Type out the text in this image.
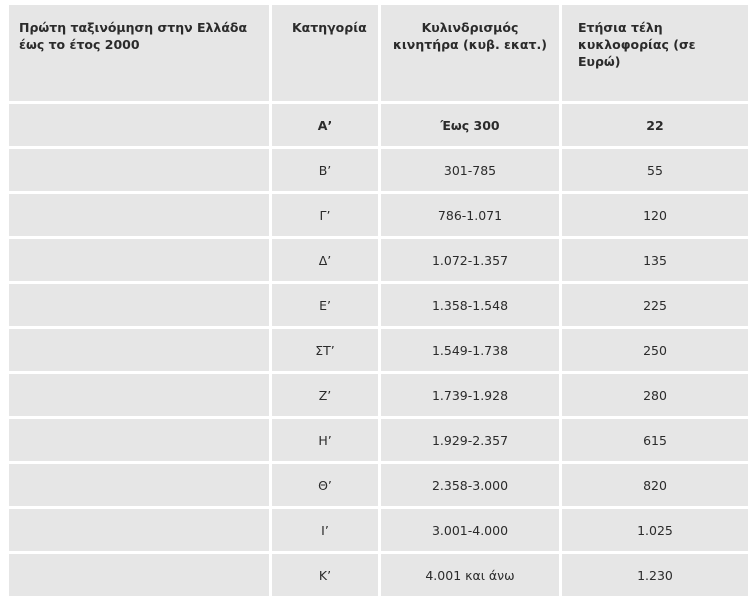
Πρώτη ταξινόμηση στην Ελλάδα έως το έτος 2000	Κατηγορία	Κυλινδρισμός κινητήρα (κυβ. εκατ.)	Ετήσια τέλη κυκλοφορίας (σε Ευρώ)
	Α’	Έως 300	22
	Β’	301-785	55
	Γ’	786-1.071	120
	Δ’	1.072-1.357	135
	Ε’	1.358-1.548	225
	ΣΤ’	1.549-1.738	250
	Ζ’	1.739-1.928	280
	Η’	1.929-2.357	615
	Θ’	2.358-3.000	820
	Ι’	3.001-4.000	1.025
	Κ’	4.001 και άνω	1.230
